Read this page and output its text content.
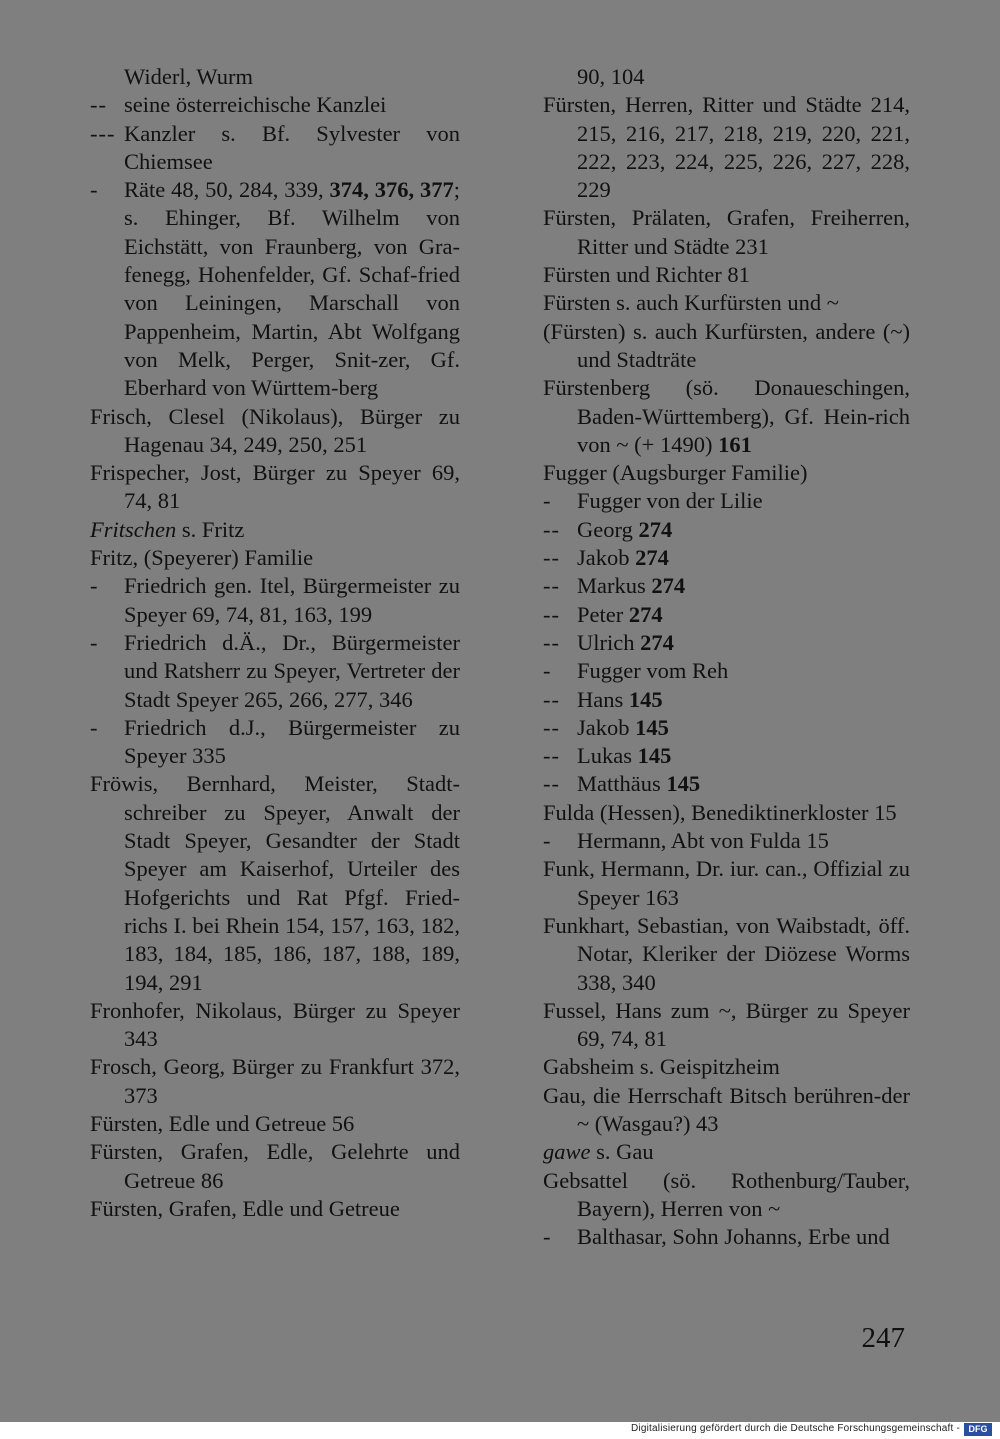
Widerl, Wurm
-- seine österreichische Kanzlei
--- Kanzler s. Bf. Sylvester von Chiemsee
-	Räte 48, 50, 284, 339, 374, 376, 377; s. Ehinger, Bf. Wilhelm von Eichstätt, von Fraunberg, von Gra-fenegg, Hohenfelder, Gf. Schaf-fried von Leiningen, Marschall von Pappenheim, Martin, Abt Wolfgang von Melk, Perger, Snit-zer, Gf. Eberhard von Württem-berg
Frisch, Clesel (Nikolaus), Bürger zu Hagenau 34, 249, 250, 251
Frispecher, Jost, Bürger zu Speyer 69, 74, 81
Fritschen s. Fritz
Fritz, (Speyerer) Familie
-	Friedrich gen. Itel, Bürgermeister zu Speyer 69, 74, 81, 163, 199
-	Friedrich d.Ä., Dr., Bürgermeister und Ratsherr zu Speyer, Vertreter der Stadt Speyer 265, 266, 277, 346
-	Friedrich d.J., Bürgermeister zu Speyer 335
Fröwis, Bernhard, Meister, Stadt-schreiber zu Speyer, Anwalt der Stadt Speyer, Gesandter der Stadt Speyer am Kaiserhof, Urteiler des Hofgerichts und Rat Pfgf. Fried-richs I. bei Rhein 154, 157, 163, 182, 183, 184, 185, 186, 187, 188, 189, 194, 291
Fronhofer, Nikolaus, Bürger zu Speyer 343
Frosch, Georg, Bürger zu Frankfurt 372, 373
Fürsten, Edle und Getreue 56
Fürsten, Grafen, Edle, Gelehrte und Getreue 86
Fürsten, Grafen, Edle und Getreue
90, 104
Fürsten, Herren, Ritter und Städte 214, 215, 216, 217, 218, 219, 220, 221, 222, 223, 224, 225, 226, 227, 228, 229
Fürsten, Prälaten, Grafen, Freiherren, Ritter und Städte 231
Fürsten und Richter 81
Fürsten s. auch Kurfürsten und ~
(Fürsten) s. auch Kurfürsten, andere (~) und Stadträte
Fürstenberg (sö. Donaueschingen, Baden-Württemberg), Gf. Hein-rich von ~ (+ 1490) 161
Fugger (Augsburger Familie)
-	Fugger von der Lilie
-- Georg 274
-- Jakob 274
-- Markus 274
-- Peter 274
-- Ulrich 274
-	Fugger vom Reh
-- Hans 145
-- Jakob 145
-- Lukas 145
-- Matthäus 145
Fulda (Hessen), Benediktinerkloster 15
-	Hermann, Abt von Fulda 15
Funk, Hermann, Dr. iur. can., Offizial zu Speyer 163
Funkhart, Sebastian, von Waibstadt, öff. Notar, Kleriker der Diözese Worms 338, 340
Fussel, Hans zum ~, Bürger zu Speyer 69, 74, 81
Gabsheim s. Geispitzheim
Gau, die Herrschaft Bitsch berühren-der ~ (Wasgau?) 43
gawe s. Gau
Gebsattel (sö. Rothenburg/Tauber, Bayern), Herren von ~
-	Balthasar, Sohn Johanns, Erbe und
247
Digitalisierung gefördert durch die Deutsche Forschungsgemeinschaft - DFG
